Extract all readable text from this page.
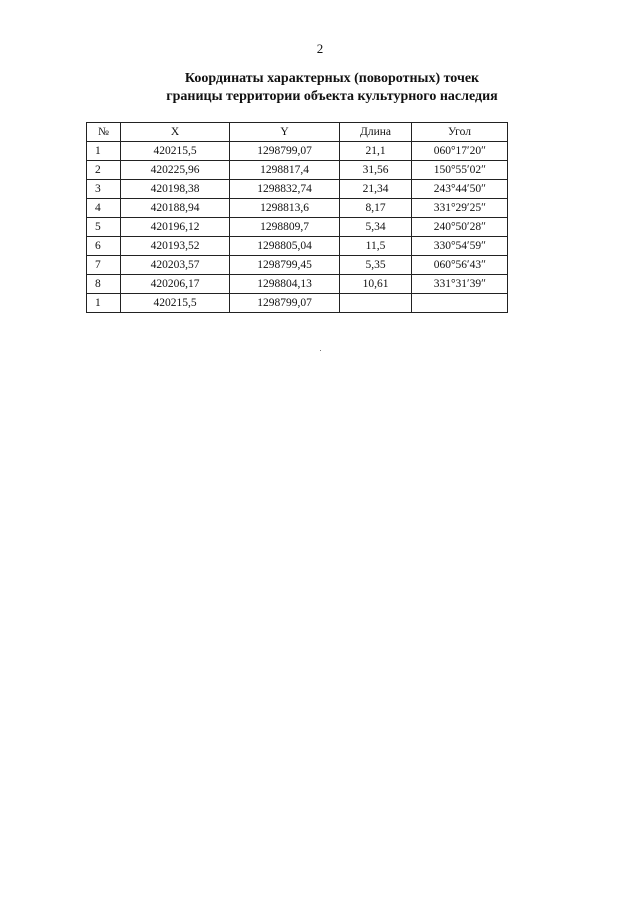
2
Координаты характерных (поворотных) точек
границы территории объекта культурного наследия
№	X	Y	Длина	Угол
1	420215,5	1298799,07	21,1	060°17ʹ20ʺ
2	420225,96	1298817,4	31,56	150°55ʹ02ʺ
3	420198,38	1298832,74	21,34	243°44ʹ50ʺ
4	420188,94	1298813,6	8,17	331°29ʹ25ʺ
5	420196,12	1298809,7	5,34	240°50ʹ28ʺ
6	420193,52	1298805,04	11,5	330°54ʹ59ʺ
7	420203,57	1298799,45	5,35	060°56ʹ43ʺ
8	420206,17	1298804,13	10,61	331°31ʹ39ʺ
1	420215,5	1298799,07		
